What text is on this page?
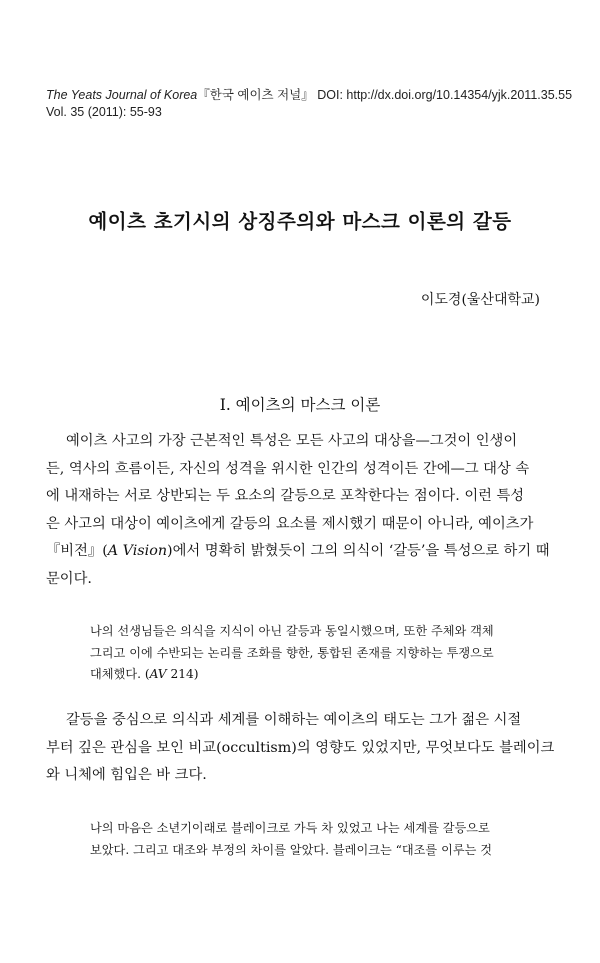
The Yeats Journal of Korea『한국 예이츠 저널』 DOI: http://dx.doi.org/10.14354/yjk.2011.35.55
Vol. 35 (2011): 55-93
예이츠 초기시의 상징주의와 마스크 이론의 갈등
이도경(울산대학교)
I. 예이츠의 마스크 이론

예이츠 사고의 가장 근본적인 특성은 모든 사고의 대상을—그것이 인생이
든, 역사의 흐름이든, 자신의 성격을 위시한 인간의 성격이든 간에—그 대상 속
에 내재하는 서로 상반되는 두 요소의 갈등으로 포착한다는 점이다. 이런 특성
은 사고의 대상이 예이츠에게 갈등의 요소를 제시했기 때문이 아니라, 예이츠가
『비전』(A Vision)에서 명확히 밝혔듯이 그의 의식이 ‘갈등’을 특성으로 하기 때
문이다.

나의 선생님들은 의식을 지식이 아닌 갈등과 동일시했으며, 또한 주체와 객체
그리고 이에 수반되는 논리를 조화를 향한, 통합된 존재를 지향하는 투쟁으로
대체했다. (AV 214)

갈등을 중심으로 의식과 세계를 이해하는 예이츠의 태도는 그가 젊은 시절
부터 깊은 관심을 보인 비교(occultism)의 영향도 있었지만, 무엇보다도 블레이크
와 니체에 힘입은 바 크다.

나의 마음은 소년기이래로 블레이크로 가득 차 있었고 나는 세계를 갈등으로
보았다. 그리고 대조와 부정의 차이를 알았다. 블레이크는 “대조를 이루는 것
